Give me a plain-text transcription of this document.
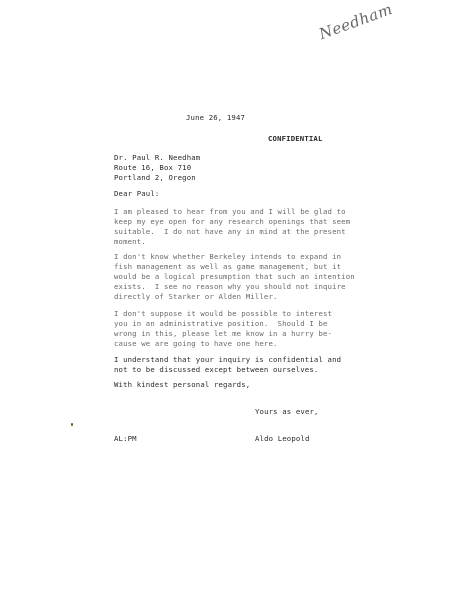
Needham
June 26, 1947
CONFIDENTIAL
Dr. Paul R. Needham
Route 16, Box 710
Portland 2, Oregon
Dear Paul:
I am pleased to hear from you and I will be glad to
keep my eye open for any research openings that seem
suitable.  I do not have any in mind at the present
moment.
I don't know whether Berkeley intends to expand in
fish management as well as game management, but it
would be a logical presumption that such an intention
exists.  I see no reason why you should not inquire
directly of Starker or Alden Miller.
I don't suppose it would be possible to interest
you in an administrative position.  Should I be
wrong in this, please let me know in a hurry be-
cause we are going to have one here.
I understand that your inquiry is confidential and
not to be discussed except between ourselves.
With kindest personal regards,
Yours as ever,
AL:PM	Aldo Leopold
